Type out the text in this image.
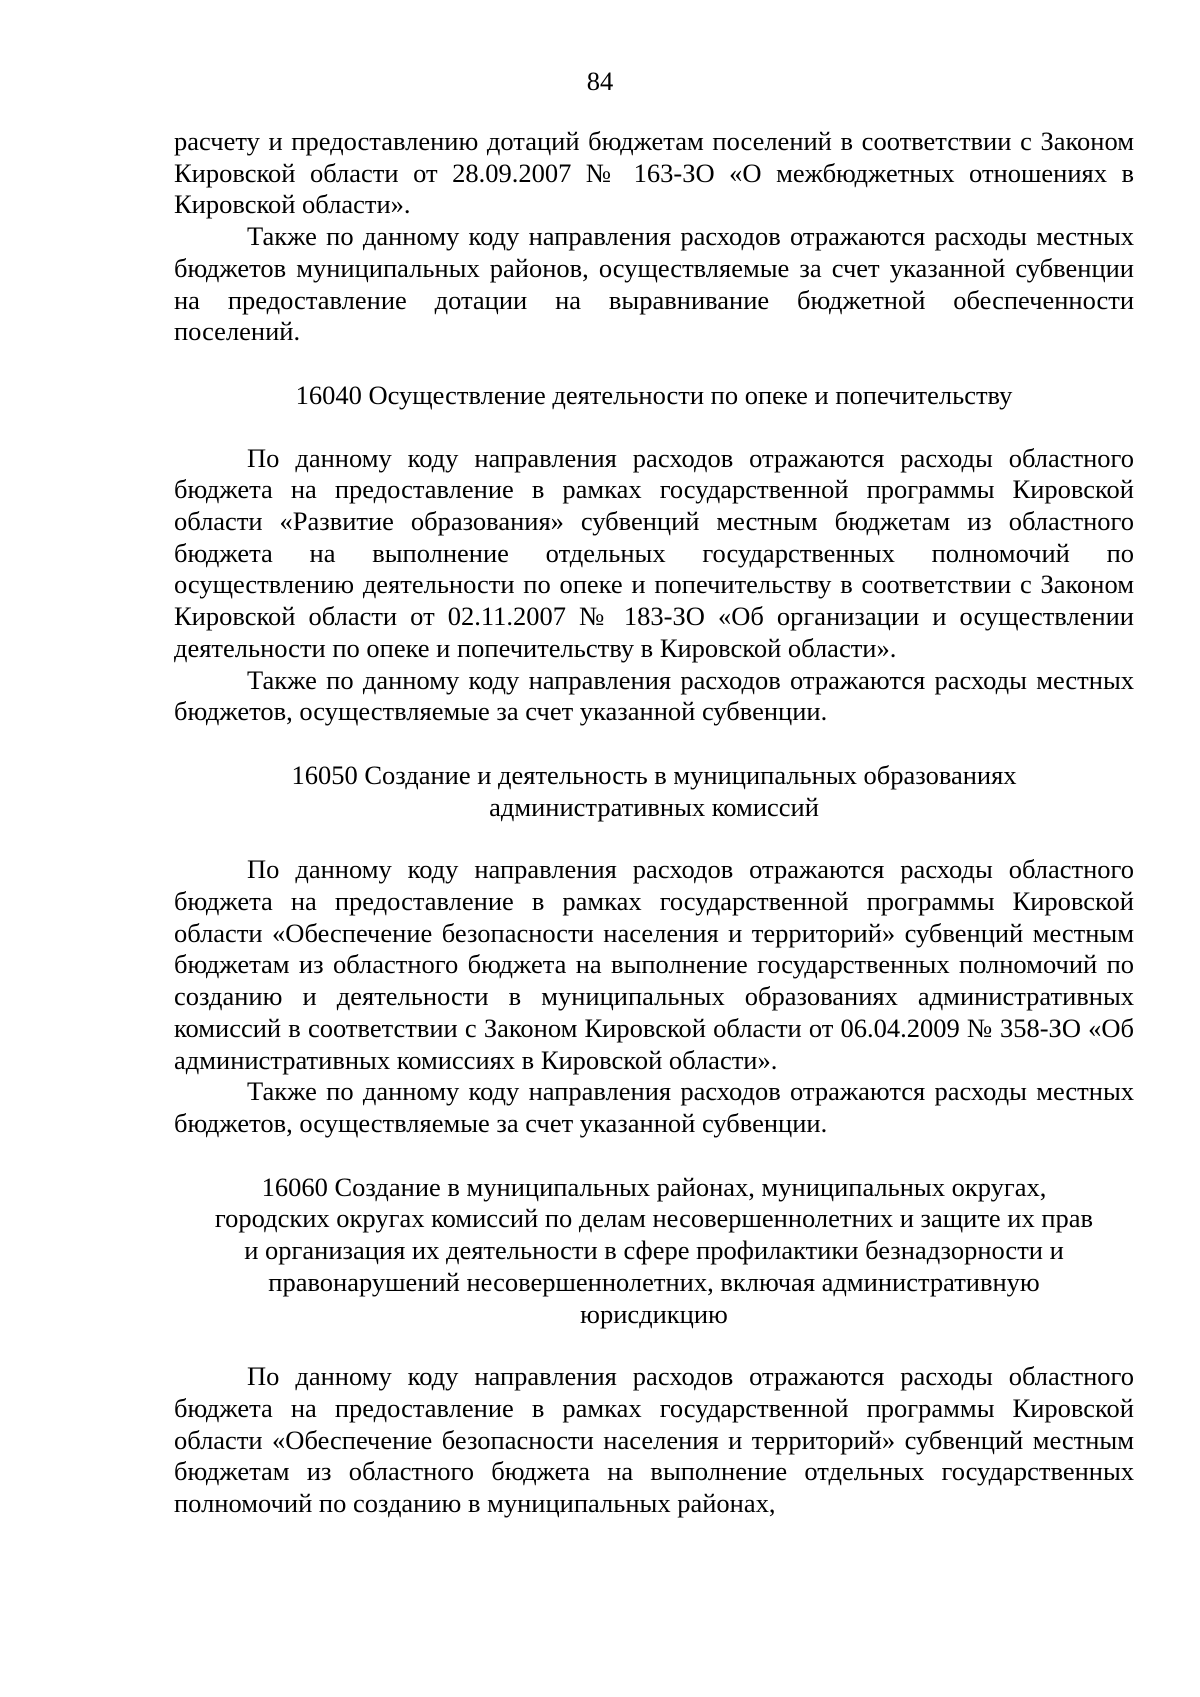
84

расчету и предоставлению дотаций бюджетам поселений в соответствии с Законом Кировской области от 28.09.2007 № 163-ЗО «О межбюджетных отношениях в Кировской области».

Также по данному коду направления расходов отражаются расходы местных бюджетов муниципальных районов, осуществляемые за счет указанной субвенции на предоставление дотации на выравнивание бюджетной обеспеченности поселений.

16040 Осуществление деятельности по опеке и попечительству

По данному коду направления расходов отражаются расходы областного бюджета на предоставление в рамках государственной программы Кировской области «Развитие образования» субвенций местным бюджетам из областного бюджета на выполнение отдельных государственных полномочий по осуществлению деятельности по опеке и попечительству в соответствии с Законом Кировской области от 02.11.2007 № 183-ЗО «Об организации и осуществлении деятельности по опеке и попечительству в Кировской области».

Также по данному коду направления расходов отражаются расходы местных бюджетов, осуществляемые за счет указанной субвенции.

16050 Создание и деятельность в муниципальных образованиях

административных комиссий

По данному коду направления расходов отражаются расходы областного бюджета на предоставление в рамках государственной программы Кировской области «Обеспечение безопасности населения и территорий» субвенций местным бюджетам из областного бюджета на выполнение государственных полномочий по созданию и деятельности в муниципальных образованиях административных комиссий в соответствии с Законом Кировской области от 06.04.2009 № 358-ЗО «Об административных комиссиях в Кировской области».

Также по данному коду направления расходов отражаются расходы местных бюджетов, осуществляемые за счет указанной субвенции.

16060 Создание в муниципальных районах, муниципальных округах,

городских округах комиссий по делам несовершеннолетних и защите их прав

и организация их деятельности в сфере профилактики безнадзорности и

правонарушений несовершеннолетних, включая административную

юрисдикцию

По данному коду направления расходов отражаются расходы областного бюджета на предоставление в рамках государственной программы Кировской области «Обеспечение безопасности населения и территорий» субвенций местным бюджетам из областного бюджета на выполнение отдельных государственных полномочий по созданию в муниципальных районах,
